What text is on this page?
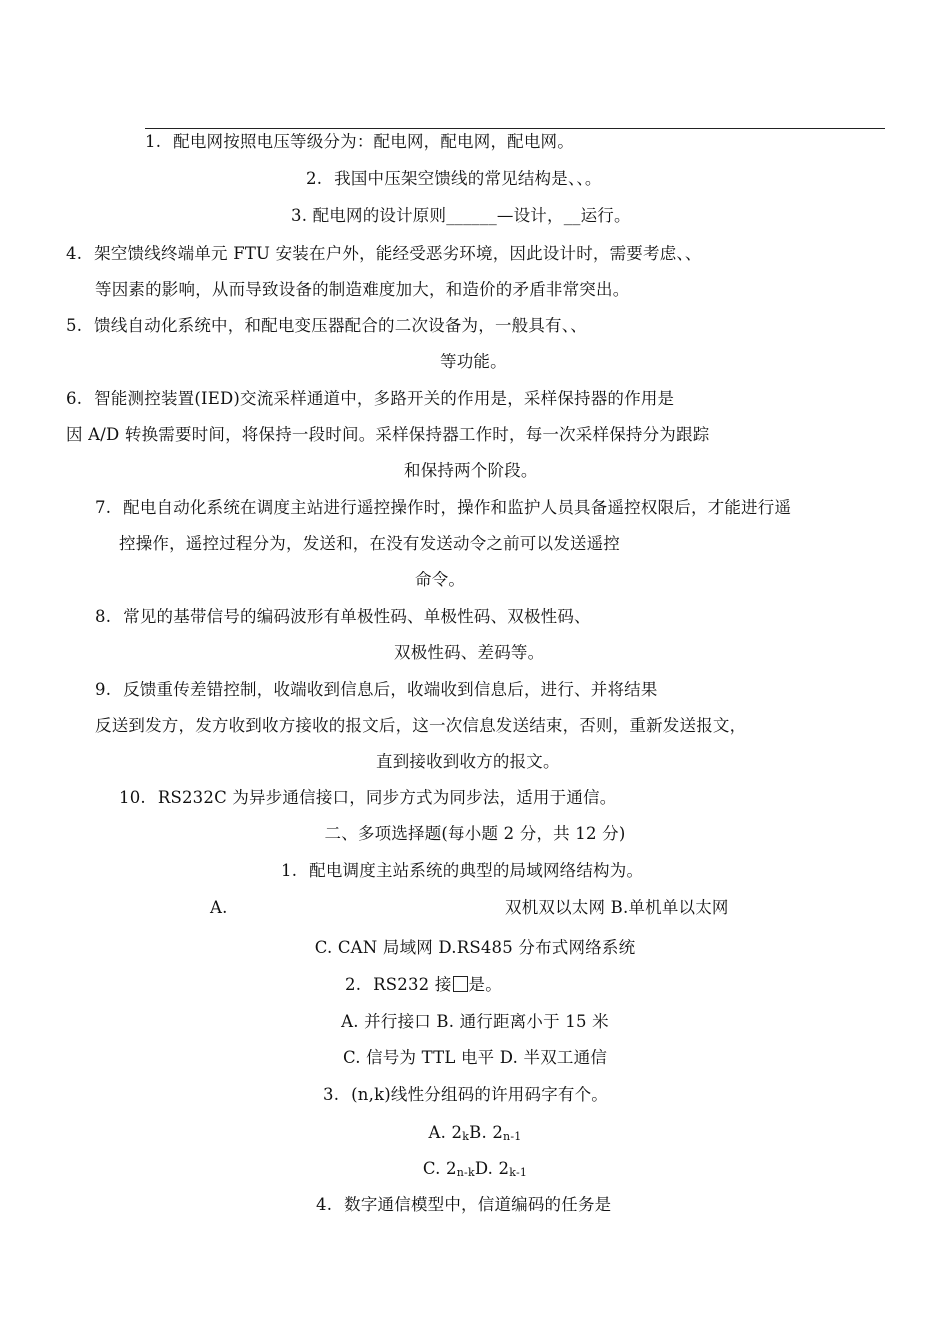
1. 配电网按照电压等级分为：配电网，配电网，配电网。
2. 我国中压架空馈线的常见结构是、、。
3. 配电网的设计原则______—设计，__运行。
4. 架空馈线终端单元 FTU 安装在户外，能经受恶劣环境，因此设计时，需要考虑、、
等因素的影响，从而导致设备的制造难度加大，和造价的矛盾非常突出。
5. 馈线自动化系统中，和配电变压器配合的二次设备为，一般具有、、
等功能。
6. 智能测控装置(IED)交流采样通道中，多路开关的作用是，采样保持器的作用是
因 A/D 转换需要时间，将保持一段时间。采样保持器工作时，每一次采样保持分为跟踪
和保持两个阶段。
7. 配电自动化系统在调度主站进行遥控操作时，操作和监护人员具备遥控权限后，才能进行遥
控操作，遥控过程分为，发送和，在没有发送动令之前可以发送遥控
命令。
8. 常见的基带信号的编码波形有单极性码、单极性码、双极性码、
双极性码、差码等。
9. 反馈重传差错控制，收端收到信息后，收端收到信息后，进行、并将结果
反送到发方，发方收到收方接收的报文后，这一次信息发送结束，否则，重新发送报文，
直到接收到收方的报文。
10. RS232C 为异步通信接口，同步方式为同步法，适用于通信。
二、多项选择题(每小题 2 分，共 12 分)
1. 配电调度主站系统的典型的局域网络结构为。
A.	双机双以太网 B.单机单以太网
C. CAN 局域网 D.RS485 分布式网络系统
2. RS232 接 是。
A. 并行接口 B. 通行距离小于 15 米
C. 信号为 TTL 电平 D. 半双工通信
3. (n,k)线性分组码的许用码字有个。
A. $2_kB$. $2_{n-1}$
C. $2_{n-k}D$. $2_{k-1}$
4. 数字通信模型中，信道编码的任务是
